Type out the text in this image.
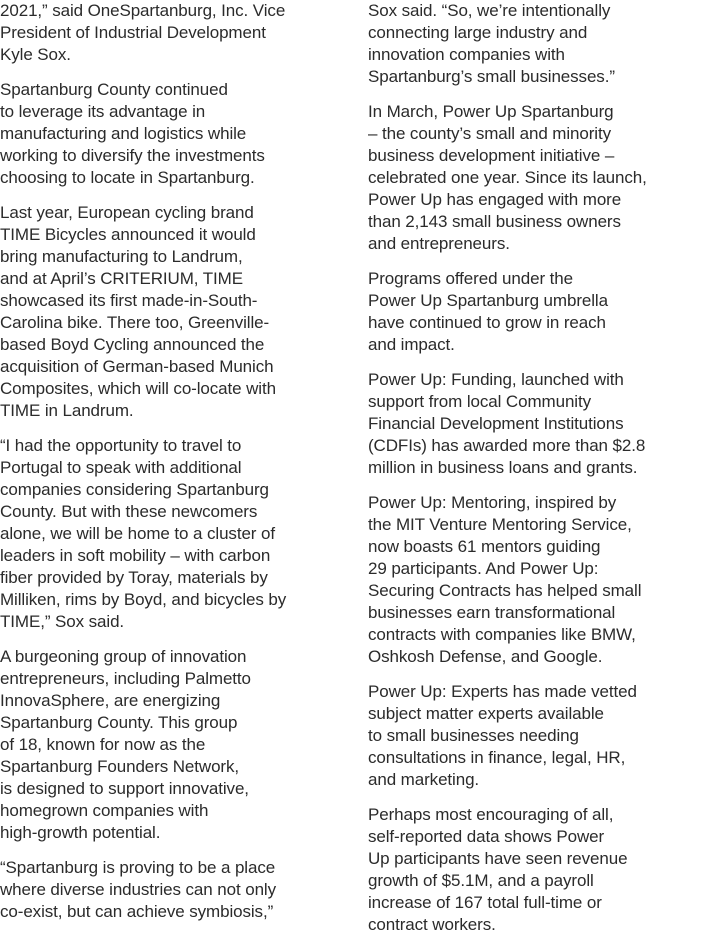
2021,” said OneSpartanburg, Inc. Vice
President of Industrial Development
Kyle Sox.

Spartanburg County continued
to leverage its advantage in
manufacturing and logistics while
working to diversify the investments
choosing to locate in Spartanburg.

Last year, European cycling brand
TIME Bicycles announced it would
bring manufacturing to Landrum,
and at April’s CRITERIUM, TIME
showcased its first made-in-South-
Carolina bike. There too, Greenville-
based Boyd Cycling announced the
acquisition of German-based Munich
Composites, which will co-locate with
TIME in Landrum.

“I had the opportunity to travel to
Portugal to speak with additional
companies considering Spartanburg
County. But with these newcomers
alone, we will be home to a cluster of
leaders in soft mobility – with carbon
fiber provided by Toray, materials by
Milliken, rims by Boyd, and bicycles by
TIME,” Sox said.

A burgeoning group of innovation
entrepreneurs, including Palmetto
InnovaSphere, are energizing
Spartanburg County. This group
of 18, known for now as the
Spartanburg Founders Network,
is designed to support innovative,
homegrown companies with
high-growth potential.

“Spartanburg is proving to be a place
where diverse industries can not only
co-exist, but can achieve symbiosis,”

Sox said. “So, we’re intentionally
connecting large industry and
innovation companies with
Spartanburg’s small businesses.”

In March, Power Up Spartanburg
– the county’s small and minority
business development initiative –
celebrated one year. Since its launch,
Power Up has engaged with more
than 2,143 small business owners
and entrepreneurs.

Programs offered under the
Power Up Spartanburg umbrella
have continued to grow in reach
and impact.

Power Up: Funding, launched with
support from local Community
Financial Development Institutions
(CDFIs) has awarded more than $2.8
million in business loans and grants.

Power Up: Mentoring, inspired by
the MIT Venture Mentoring Service,
now boasts 61 mentors guiding
29 participants. And Power Up:
Securing Contracts has helped small
businesses earn transformational
contracts with companies like BMW,
Oshkosh Defense, and Google.

Power Up: Experts has made vetted
subject matter experts available
to small businesses needing
consultations in finance, legal, HR,
and marketing.

Perhaps most encouraging of all,
self-reported data shows Power
Up participants have seen revenue
growth of $5.1M, and a payroll
increase of 167 total full-time or
contract workers.
